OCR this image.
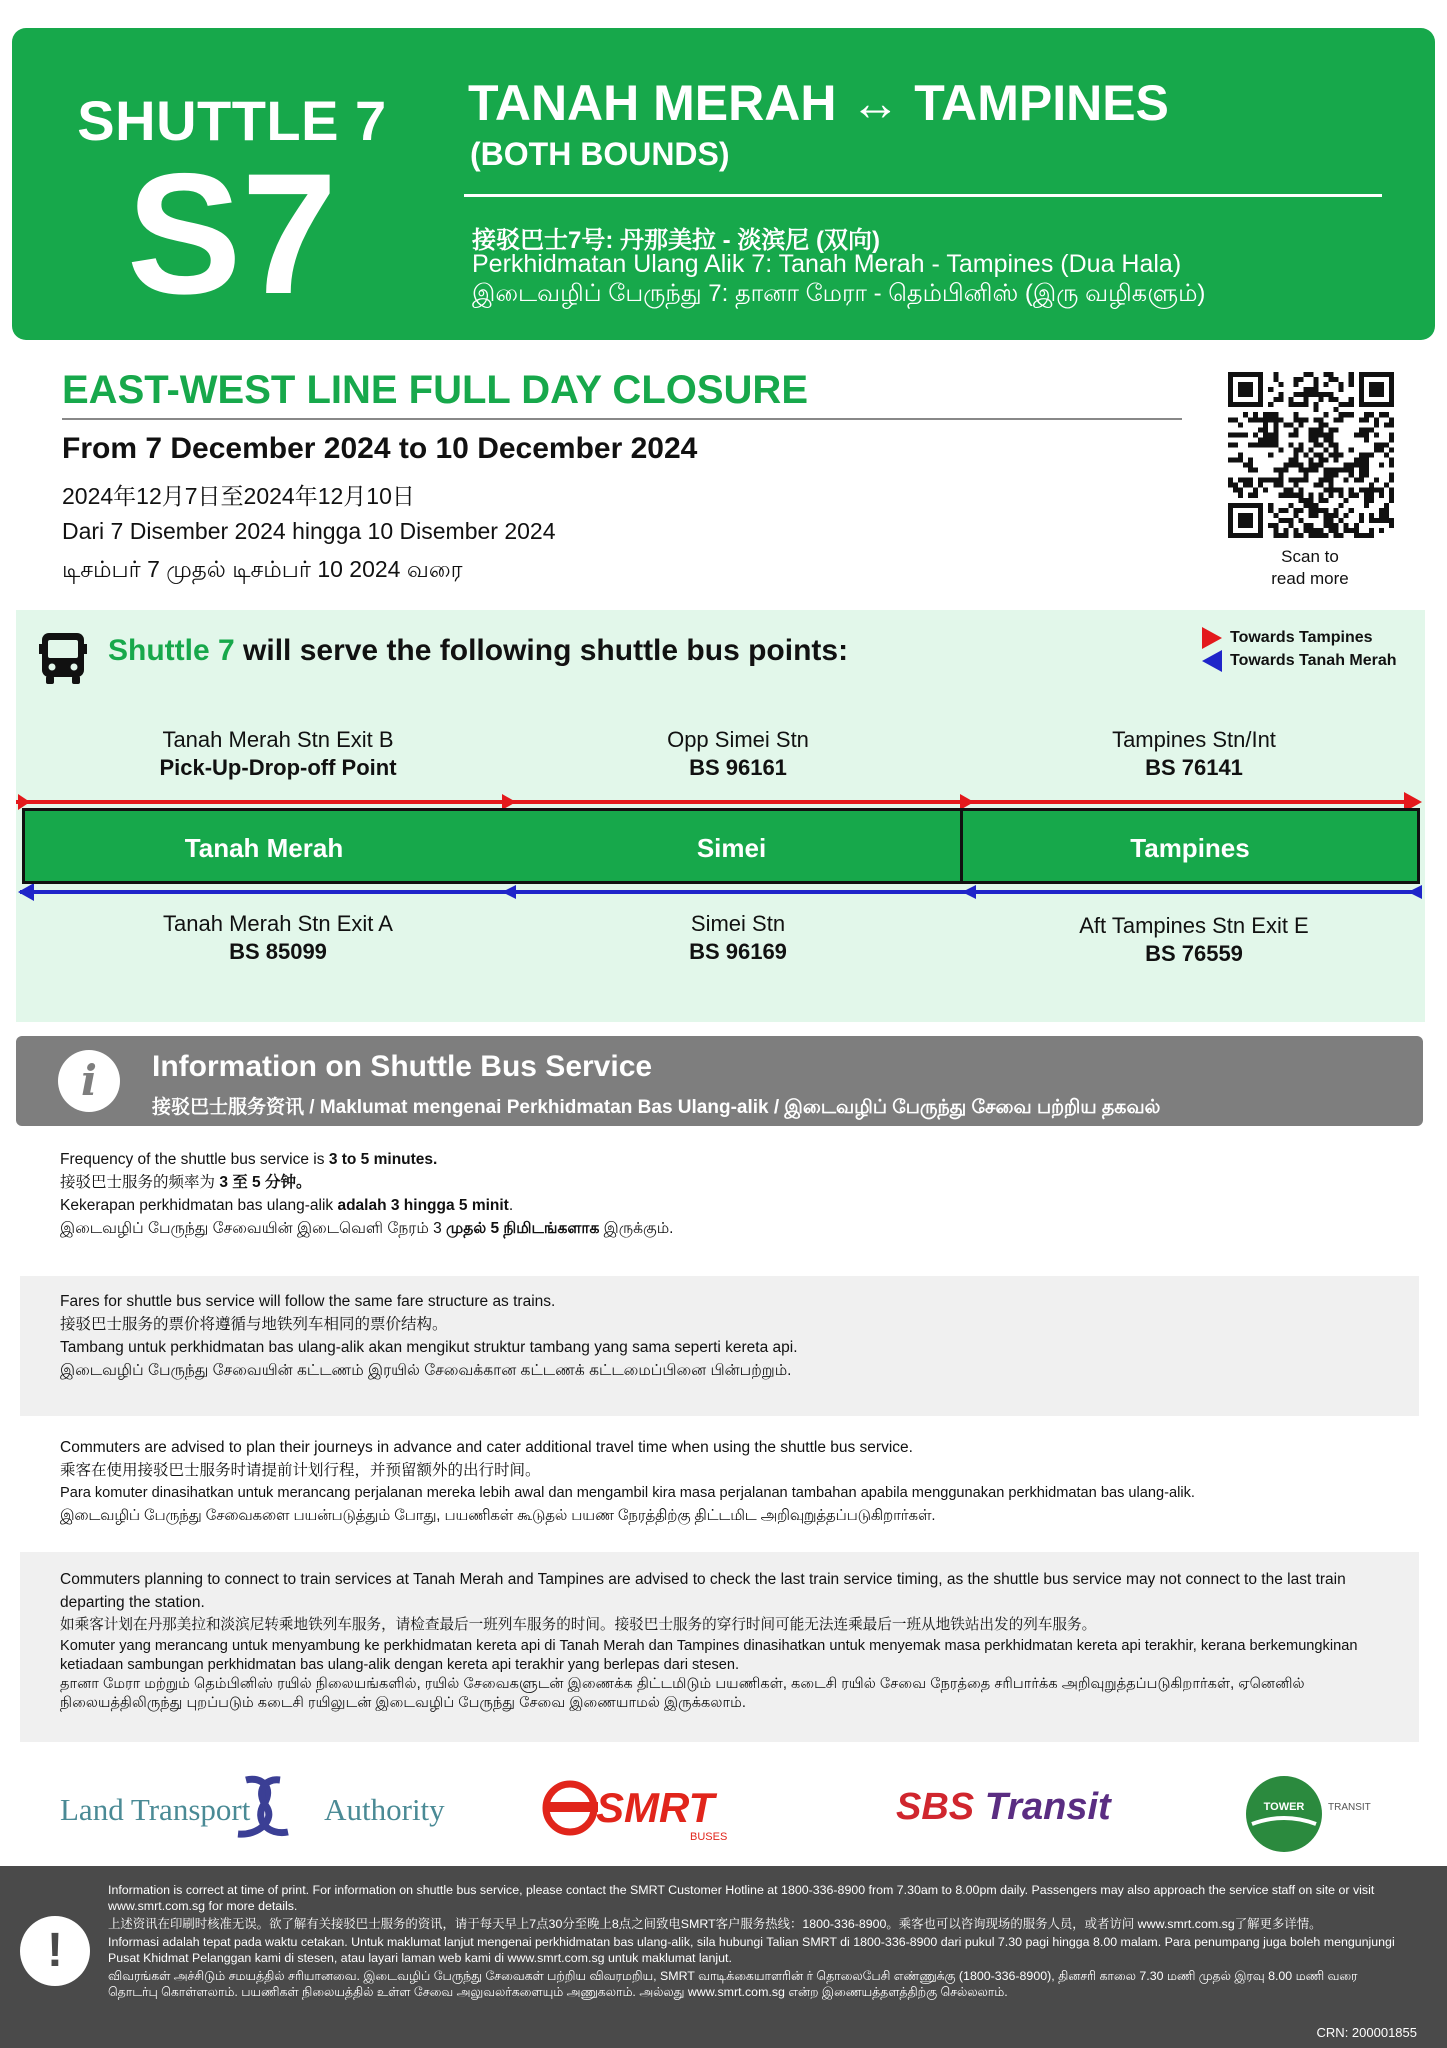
SHUTTLE 7
S7
TANAH MERAH ↔ TAMPINES
(BOTH BOUNDS)
接驳巴士7号: 丹那美拉 - 淡滨尼 (双向)
Perkhidmatan Ulang Alik 7: Tanah Merah - Tampines (Dua Hala)
இடைவழிப் பேருந்து 7: தானா மேரா - தெம்பினிஸ் (இரு வழிகளும்)
EAST-WEST LINE FULL DAY CLOSURE
From 7 December 2024 to 10 December 2024
2024年12月7日至2024年12月10日
Dari 7 Disember 2024 hingga 10 Disember 2024
டிசம்பர் 7 முதல் டிசம்பர் 10 2024 வரை	Scan to
read more
Shuttle 7 will serve the following shuttle bus points:	Towards Tampines
Towards Tanah Merah
Tanah Merah Stn Exit B
Pick-Up-Drop-off Point
Opp Simei Stn
BS 96161
Tampines Stn/Int
BS 76141
Tanah Merah	Simei	Tampines
Tanah Merah Stn Exit A
BS 85099
Simei Stn
BS 96169
Aft Tampines Stn Exit E
BS 76559
i	Information on Shuttle Bus Service
接驳巴士服务资讯 / Maklumat mengenai Perkhidmatan Bas Ulang-alik / இடைவழிப் பேருந்து சேவை பற்றிய தகவல்

Frequency of the shuttle bus service is 3 to 5 minutes.

接驳巴士服务的频率为 3 至 5 分钟。

Kekerapan perkhidmatan bas ulang-alik adalah 3 hingga 5 minit.

இடைவழிப் பேருந்து சேவையின் இடைவெளி நேரம் 3 முதல் 5 நிமிடங்களாக இருக்கும்.

Fares for shuttle bus service will follow the same fare structure as trains.

接驳巴士服务的票价将遵循与地铁列车相同的票价结构。

Tambang untuk perkhidmatan bas ulang-alik akan mengikut struktur tambang yang sama seperti kereta api.

இடைவழிப் பேருந்து சேவையின் கட்டணம் இரயில் சேவைக்கான கட்டணக் கட்டமைப்பினை பின்பற்றும்.

Commuters are advised to plan their journeys in advance and cater additional travel time when using the shuttle bus service.

乘客在使用接驳巴士服务时请提前计划行程，并预留额外的出行时间。

Para komuter dinasihatkan untuk merancang perjalanan mereka lebih awal dan mengambil kira masa perjalanan tambahan apabila menggunakan perkhidmatan bas ulang-alik.

இடைவழிப் பேருந்து சேவைகளை பயன்படுத்தும் போது, பயணிகள் கூடுதல் பயண நேரத்திற்கு திட்டமிட அறிவுறுத்தப்படுகிறார்கள்.

Commuters planning to connect to train services at Tanah Merah and Tampines are advised to check the last train service timing, as the shuttle bus service may not connect to the last train departing the station.

如乘客计划在丹那美拉和淡滨尼转乘地铁列车服务，请检查最后一班列车服务的时间。接驳巴士服务的穿行时间可能无法连乘最后一班从地铁站出发的列车服务。

Komuter yang merancang untuk menyambung ke perkhidmatan kereta api di Tanah Merah dan Tampines dinasihatkan untuk menyemak masa perkhidmatan kereta api terakhir, kerana berkemungkinan ketiadaan sambungan perkhidmatan bas ulang-alik dengan kereta api terakhir yang berlepas dari stesen.

தானா மேரா மற்றும் தெம்பினிஸ் ரயில் நிலையங்களில், ரயில் சேவைகளுடன் இணைக்க திட்டமிடும் பயணிகள், கடைசி ரயில் சேவை நேரத்தை சரிபார்க்க அறிவுறுத்தப்படுகிறார்கள், ஏனெனில் நிலையத்திலிருந்து புறப்படும் கடைசி ரயிலுடன் இடைவழிப் பேருந்து சேவை இணையாமல் இருக்கலாம்.

Land Transport Authority	SMRT
BUSES
SBS Transit	TOWER TRANSIT
!

Information is correct at time of print. For information on shuttle bus service, please contact the SMRT Customer Hotline at 1800-336-8900 from 7.30am to 8.00pm daily. Passengers may also approach the service staff on site or visit www.smrt.com.sg for more details.

上述资讯在印刷时核准无误。欲了解有关接驳巴士服务的资讯，请于每天早上7点30分至晚上8点之间致电SMRT客户服务热线：1800-336-8900。乘客也可以咨询现场的服务人员，或者访问 www.smrt.com.sg了解更多详情。

Informasi adalah tepat pada waktu cetakan. Untuk maklumat lanjut mengenai perkhidmatan bas ulang-alik, sila hubungi Talian SMRT di 1800-336-8900 dari pukul 7.30 pagi hingga 8.00 malam. Para penumpang juga boleh mengunjungi Pusat Khidmat Pelanggan kami di stesen, atau layari laman web kami di www.smrt.com.sg untuk maklumat lanjut.

விவரங்கள் அச்சிடும் சமயத்தில் சரியானவை. இடைவழிப் பேருந்து சேவைகள் பற்றிய விவரமறிய, SMRT வாடிக்கையாளரின் ர் தொலைபேசி எண்ணுக்கு (1800-336-8900), தினசரி காலை 7.30 மணி முதல் இரவு 8.00 மணி வரை தொடர்பு கொள்ளலாம். பயணிகள் நிலையத்தில் உள்ள சேவை அலுவலர்களையும் அணுகலாம். அல்லது www.smrt.com.sg என்ற இணையத்தளத்திற்கு செல்லலாம்.

CRN: 200001855
